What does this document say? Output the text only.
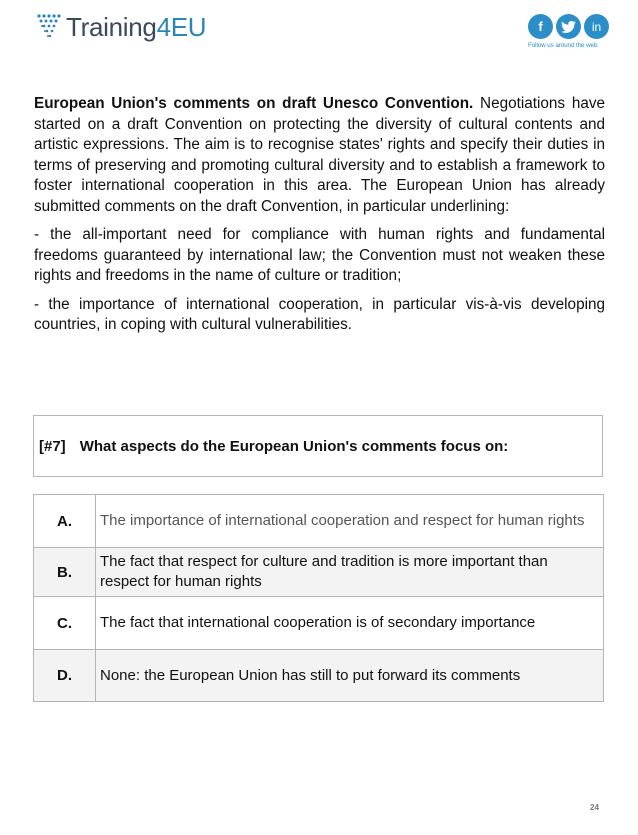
Training4EU	f	in
Follow us around the web

European Union's comments on draft Unesco Convention. Negotiations have started on a draft Convention on protecting the diversity of cultural contents and artistic expressions. The aim is to recognise states' rights and specify their duties in terms of preserving and promoting cultural diversity and to establish a framework to foster international cooperation in this area. The European Union has already submitted comments on the draft Convention, in particular underlining:

- the all-important need for compliance with human rights and fundamental freedoms guaranteed by international law; the Convention must not weaken these rights and freedoms in the name of culture or tradition;

- the importance of international cooperation, in particular vis-à-vis developing countries, in coping with cultural vulnerabilities.

[#7] What aspects do the European Union's comments focus on:
A.	The importance of international cooperation and respect for human rights
B.	The fact that respect for culture and tradition is more important than respect for human rights
C.	The fact that international cooperation is of secondary importance
D.	None: the European Union has still to put forward its comments
24
